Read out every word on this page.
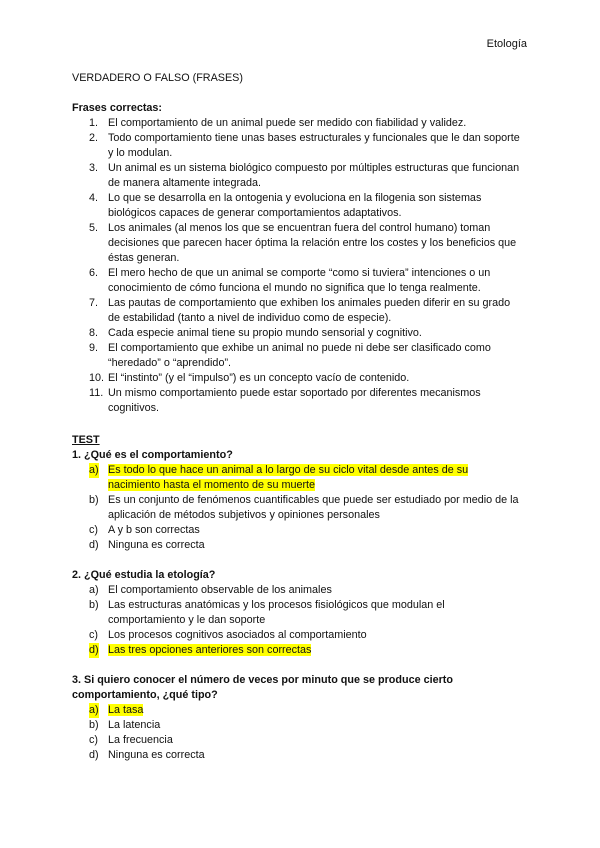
Etología
VERDADERO O FALSO (FRASES)
Frases correctas:
1. El comportamiento de un animal puede ser medido con fiabilidad y validez.
2. Todo comportamiento tiene unas bases estructurales y funcionales que le dan soporte y lo modulan.
3. Un animal es un sistema biológico compuesto por múltiples estructuras que funcionan de manera altamente integrada.
4. Lo que se desarrolla en la ontogenia y evoluciona en la filogenia son sistemas biológicos capaces de generar comportamientos adaptativos.
5. Los animales (al menos los que se encuentran fuera del control humano) toman decisiones que parecen hacer óptima la relación entre los costes y los beneficios que éstas generan.
6. El mero hecho de que un animal se comporte “como si tuviera” intenciones o un conocimiento de cómo funciona el mundo no significa que lo tenga realmente.
7. Las pautas de comportamiento que exhiben los animales pueden diferir en su grado de estabilidad (tanto a nivel de individuo como de especie).
8. Cada especie animal tiene su propio mundo sensorial y cognitivo.
9. El comportamiento que exhibe un animal no puede ni debe ser clasificado como “heredado” o “aprendido”.
10. El “instinto” (y el “impulso”) es un concepto vacío de contenido.
11. Un mismo comportamiento puede estar soportado por diferentes mecanismos cognitivos.
TEST
1. ¿Qué es el comportamiento?
a) Es todo lo que hace un animal a lo largo de su ciclo vital desde antes de su nacimiento hasta el momento de su muerte
b) Es un conjunto de fenómenos cuantificables que puede ser estudiado por medio de la aplicación de métodos subjetivos y opiniones personales
c) A y b son correctas
d) Ninguna es correcta
2. ¿Qué estudia la etología?
a) El comportamiento observable de los animales
b) Las estructuras anatómicas y los procesos fisiológicos que modulan el comportamiento y le dan soporte
c) Los procesos cognitivos asociados al comportamiento
d) Las tres opciones anteriores son correctas
3. Si quiero conocer el número de veces por minuto que se produce cierto comportamiento, ¿qué tipo?
a) La tasa
b) La latencia
c) La frecuencia
d) Ninguna es correcta
